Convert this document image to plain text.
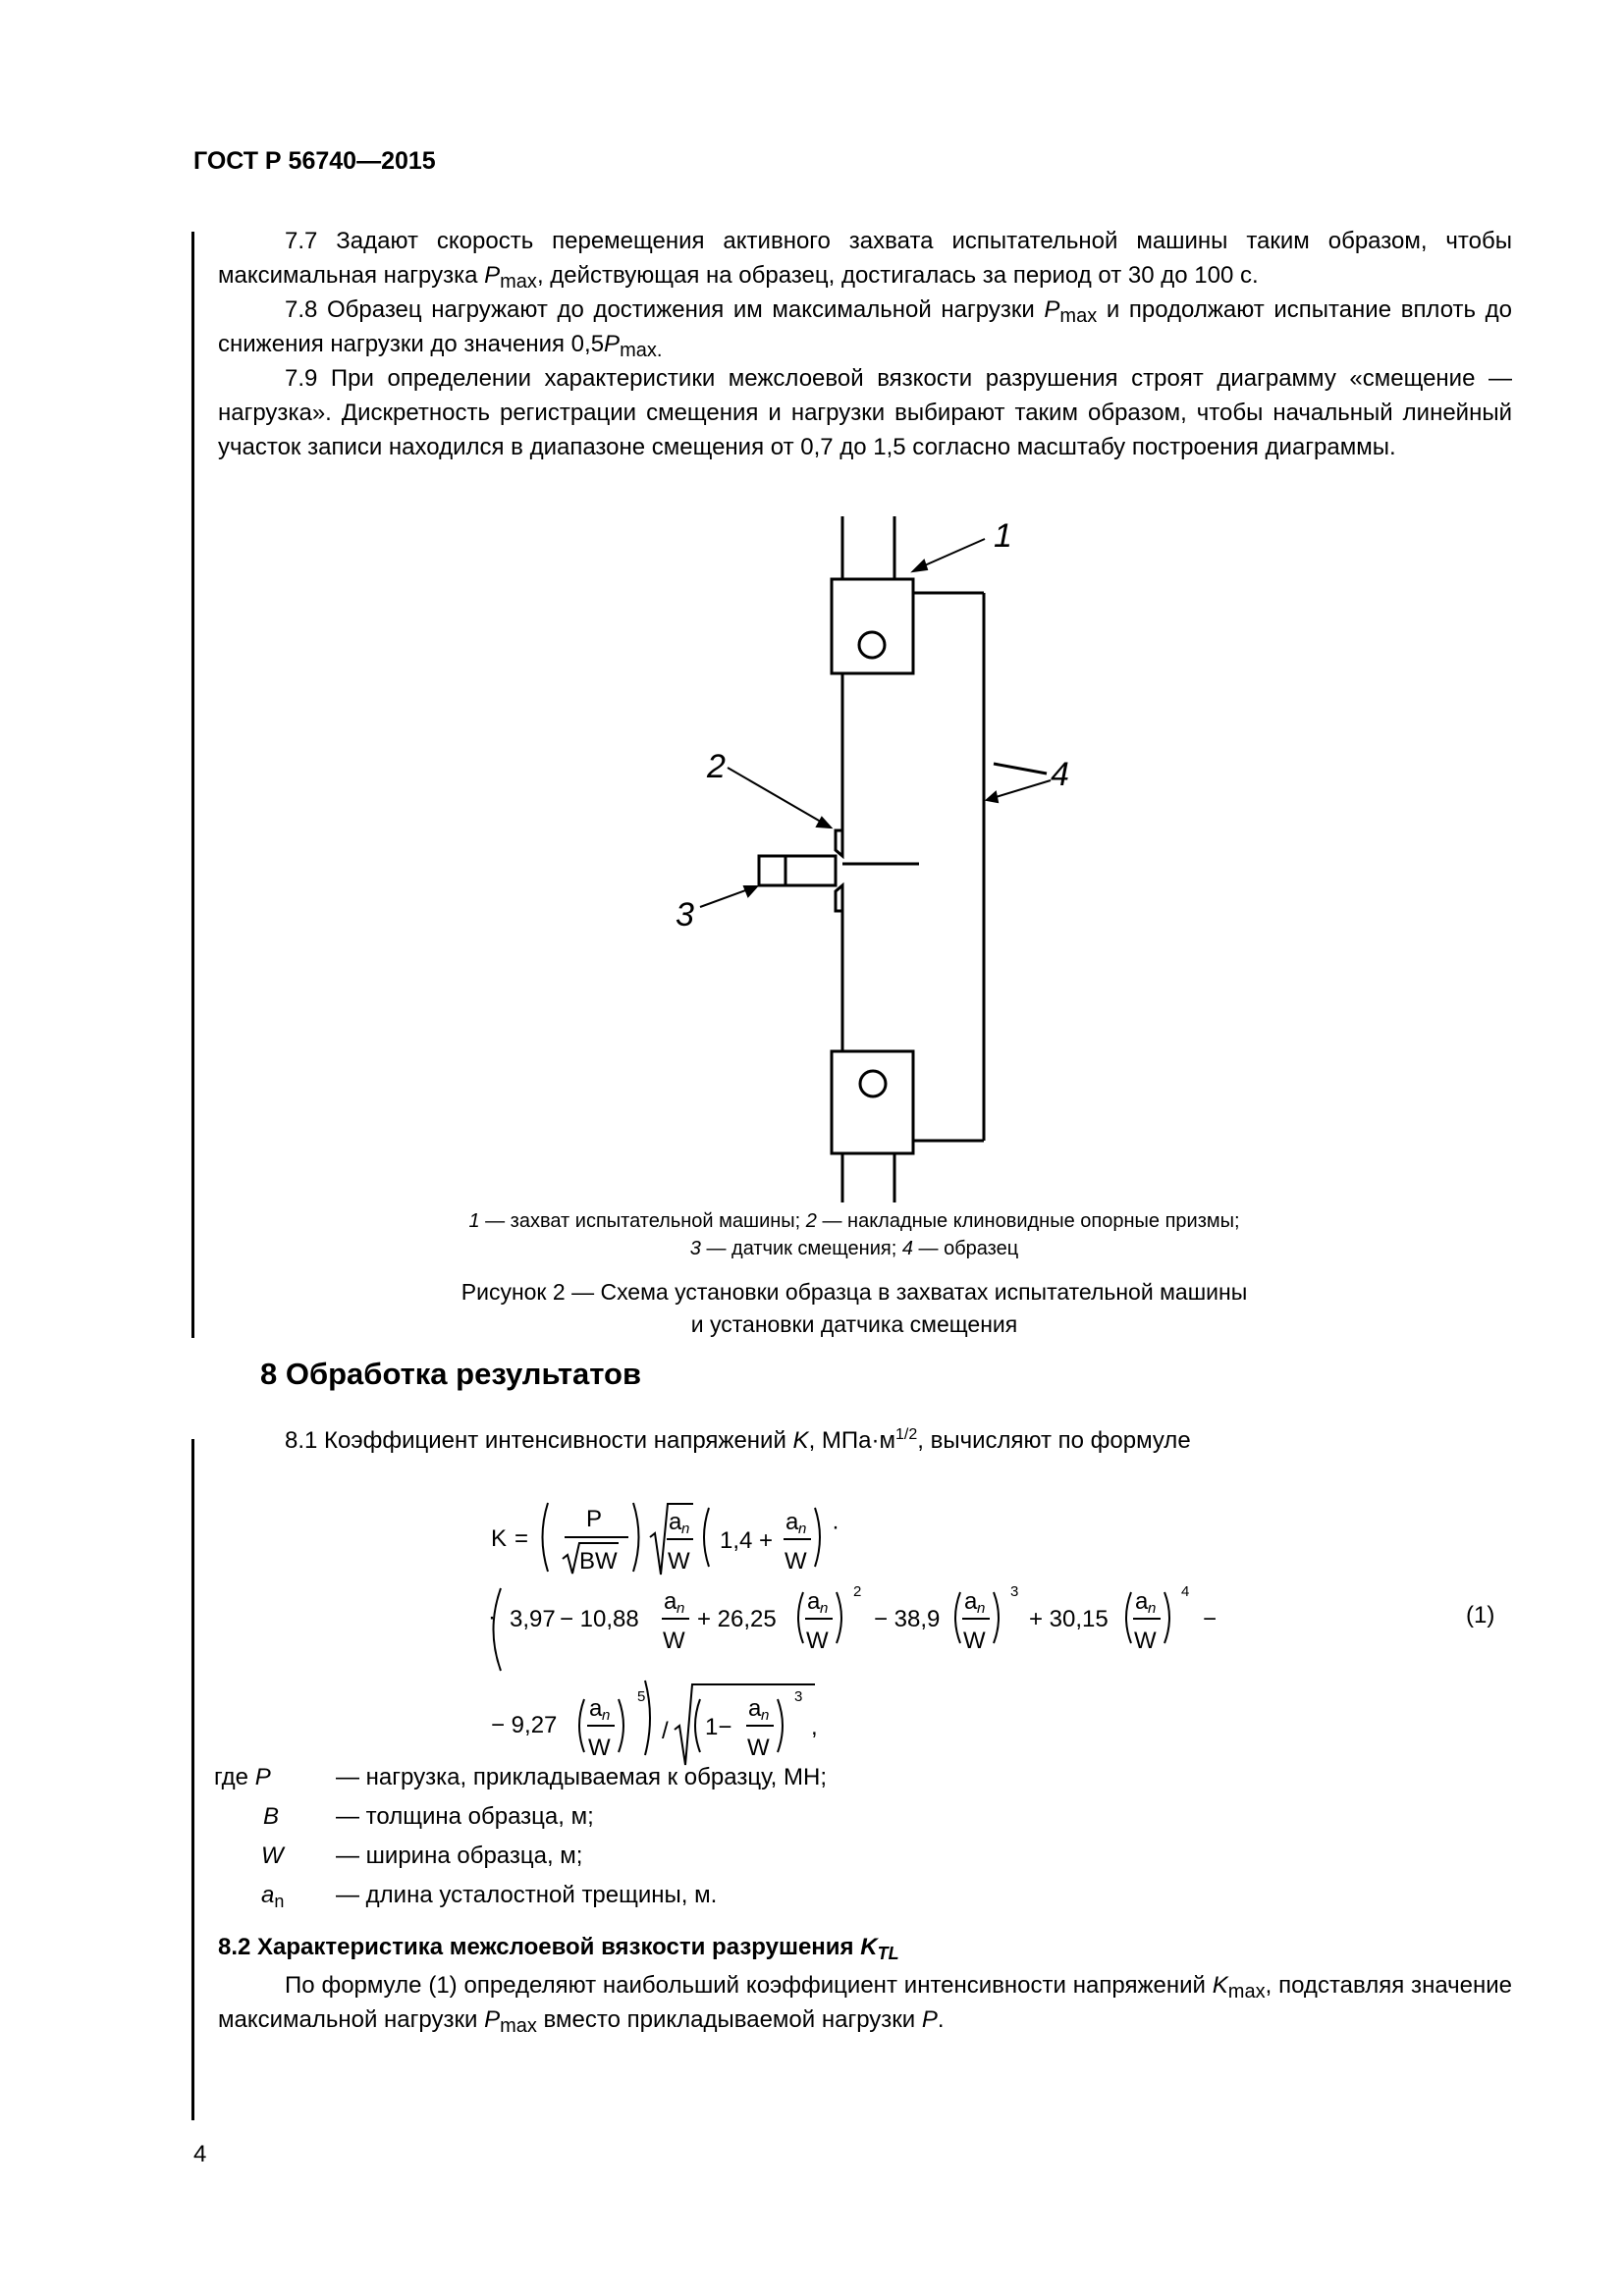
ГОСТ Р 56740—2015

7.7 Задают скорость перемещения активного захвата испытательной машины таким образом, чтобы максимальная нагрузка $P_{max}$, действующая на образец, достигалась за период от 30 до 100 с.

7.8 Образец нагружают до достижения им максимальной нагрузки $P_{max}$ и продолжают испытание вплоть до снижения нагрузки до значения $0,5P_{max.}$

7.9 При определении характеристики межслоевой вязкости разрушения строят диаграмму «смещение — нагрузка». Дискретность регистрации смещения и нагрузки выбирают таким образом, чтобы начальный линейный участок записи находился в диапазоне смещения от 0,7 до 1,5 согласно масштабу построения диаграммы.

1
2
3
4
1 — захват испытательной машины; 2 — накладные клиновидные опорные призмы;
3 — датчик смещения; 4 — образец
Рисунок 2 — Схема установки образца в захватах испытательной машины
и установки датчика смещения
8 Обработка результатов
8.1 Коэффициент интенсивности напряжений K, $МПа\cdot м^{1/2}$, вычисляют по формуле
K =
P
BW
a n
W
1,4 +
a n
W
·
· 3,97 − 10,88
a n
W
+ 26,25
a n
W
2
− 38,9
a n
W
3
+ 30,15
a n
W
4
−
− 9,27
a n
W
5
/ 1−
a n
W
3
,
(1)
где P	— нагрузка, прикладываемая к образцу, МН;
B	— толщина образца, м;
W	— ширина образца, м;
$a_n$	— длина усталостной трещины, м.
8.2 Характеристика межслоевой вязкости разрушения $K_{TL}$

По формуле (1) определяют наибольший коэффициент интенсивности напряжений $K_{max}$, подставляя значение максимальной нагрузки $P_{max}$ вместо прикладываемой нагрузки P.

4
